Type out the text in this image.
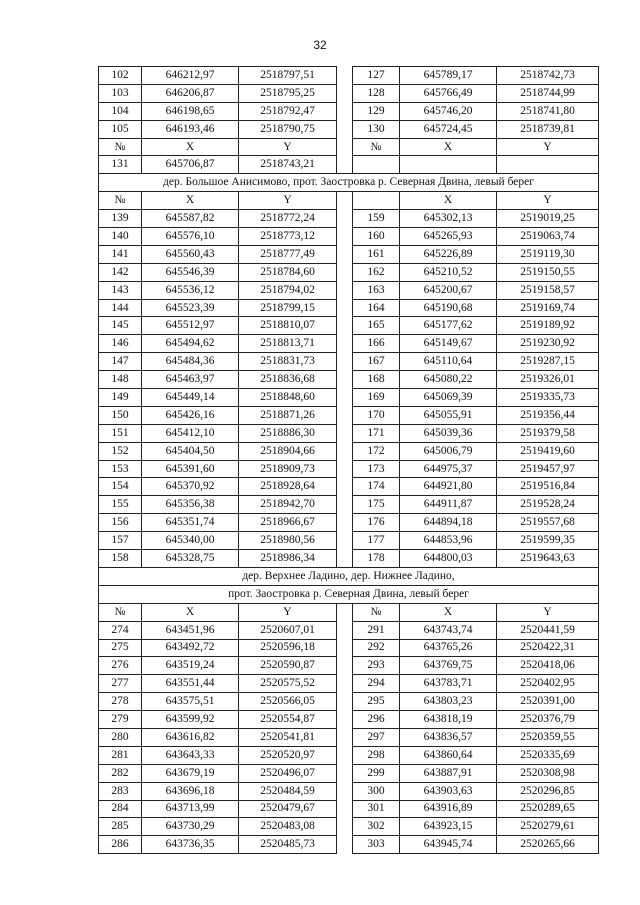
32
102	646212,97	2518797,51		127	645789,17	2518742,73
103	646206,87	2518795,25		128	645766,49	2518744,99
104	646198,65	2518792,47		129	645746,20	2518741,80
105	646193,46	2518790,75		130	645724,45	2518739,81
№	X	Y		№	X	Y
131	645706,87	2518743,21				
дер. Большое Анисимово, прот. Заостровка р. Северная Двина, левый берег						
№	X	Y			X	Y
139	645587,82	2518772,24		159	645302,13	2519019,25
140	645576,10	2518773,12		160	645265,93	2519063,74
141	645560,43	2518777,49		161	645226,89	2519119,30
142	645546,39	2518784,60		162	645210,52	2519150,55
143	645536,12	2518794,02		163	645200,67	2519158,57
144	645523,39	2518799,15		164	645190,68	2519169,74
145	645512,97	2518810,07		165	645177,62	2519189,92
146	645494,62	2518813,71		166	645149,67	2519230,92
147	645484,36	2518831,73		167	645110,64	2519287,15
148	645463,97	2518836,68		168	645080,22	2519326,01
149	645449,14	2518848,60		169	645069,39	2519335,73
150	645426,16	2518871,26		170	645055,91	2519356,44
151	645412,10	2518886,30		171	645039,36	2519379,58
152	645404,50	2518904,66		172	645006,79	2519419,60
153	645391,60	2518909,73		173	644975,37	2519457,97
154	645370,92	2518928,64		174	644921,80	2519516,84
155	645356,38	2518942,70		175	644911,87	2519528,24
156	645351,74	2518966,67		176	644894,18	2519557,68
157	645340,00	2518980,56		177	644853,96	2519599,35
158	645328,75	2518986,34		178	644800,03	2519643,63
дер. Верхнее Ладино, дер. Нижнее Ладино,						
прот. Заостровка р. Северная Двина, левый берег						
№	X	Y		№	X	Y
274	643451,96	2520607,01		291	643743,74	2520441,59
275	643492,72	2520596,18		292	643765,26	2520422,31
276	643519,24	2520590,87		293	643769,75	2520418,06
277	643551,44	2520575,52		294	643783,71	2520402,95
278	643575,51	2520566,05		295	643803,23	2520391,00
279	643599,92	2520554,87		296	643818,19	2520376,79
280	643616,82	2520541,81		297	643836,57	2520359,55
281	643643,33	2520520,97		298	643860,64	2520335,69
282	643679,19	2520496,07		299	643887,91	2520308,98
283	643696,18	2520484,59		300	643903,63	2520296,85
284	643713,99	2520479,67		301	643916,89	2520289,65
285	643730,29	2520483,08		302	643923,15	2520279,61
286	643736,35	2520485,73		303	643945,74	2520265,66
